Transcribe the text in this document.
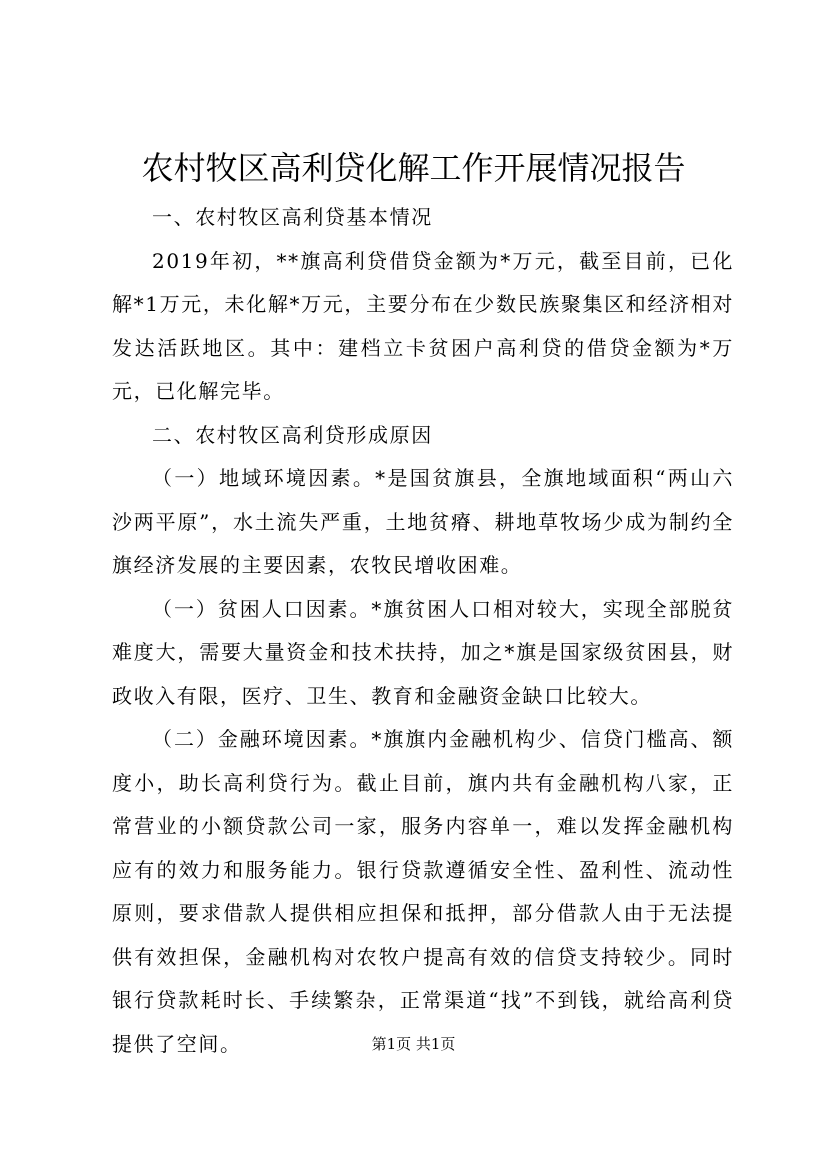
农村牧区高利贷化解工作开展情况报告

一、农村牧区高利贷基本情况

2019年初，**旗高利贷借贷金额为*万元，截至目前，已化解*1万元，未化解*万元，主要分布在少数民族聚集区和经济相对发达活跃地区。其中：建档立卡贫困户高利贷的借贷金额为*万元，已化解完毕。

二、农村牧区高利贷形成原因

（一）地域环境因素。*是国贫旗县，全旗地域面积“两山六沙两平原”，水土流失严重，土地贫瘠、耕地草牧场少成为制约全旗经济发展的主要因素，农牧民增收困难。

（一）贫困人口因素。*旗贫困人口相对较大，实现全部脱贫难度大，需要大量资金和技术扶持，加之*旗是国家级贫困县，财政收入有限，医疗、卫生、教育和金融资金缺口比较大。

（二）金融环境因素。*旗旗内金融机构少、信贷门槛高、额度小，助长高利贷行为。截止目前，旗内共有金融机构八家，正常营业的小额贷款公司一家，服务内容单一，难以发挥金融机构应有的效力和服务能力。银行贷款遵循安全性、盈利性、流动性原则，要求借款人提供相应担保和抵押，部分借款人由于无法提供有效担保，金融机构对农牧户提高有效的信贷支持较少。同时银行贷款耗时长、手续繁杂，正常渠道“找”不到钱，就给高利贷提供了空间。	第1页 共1页
